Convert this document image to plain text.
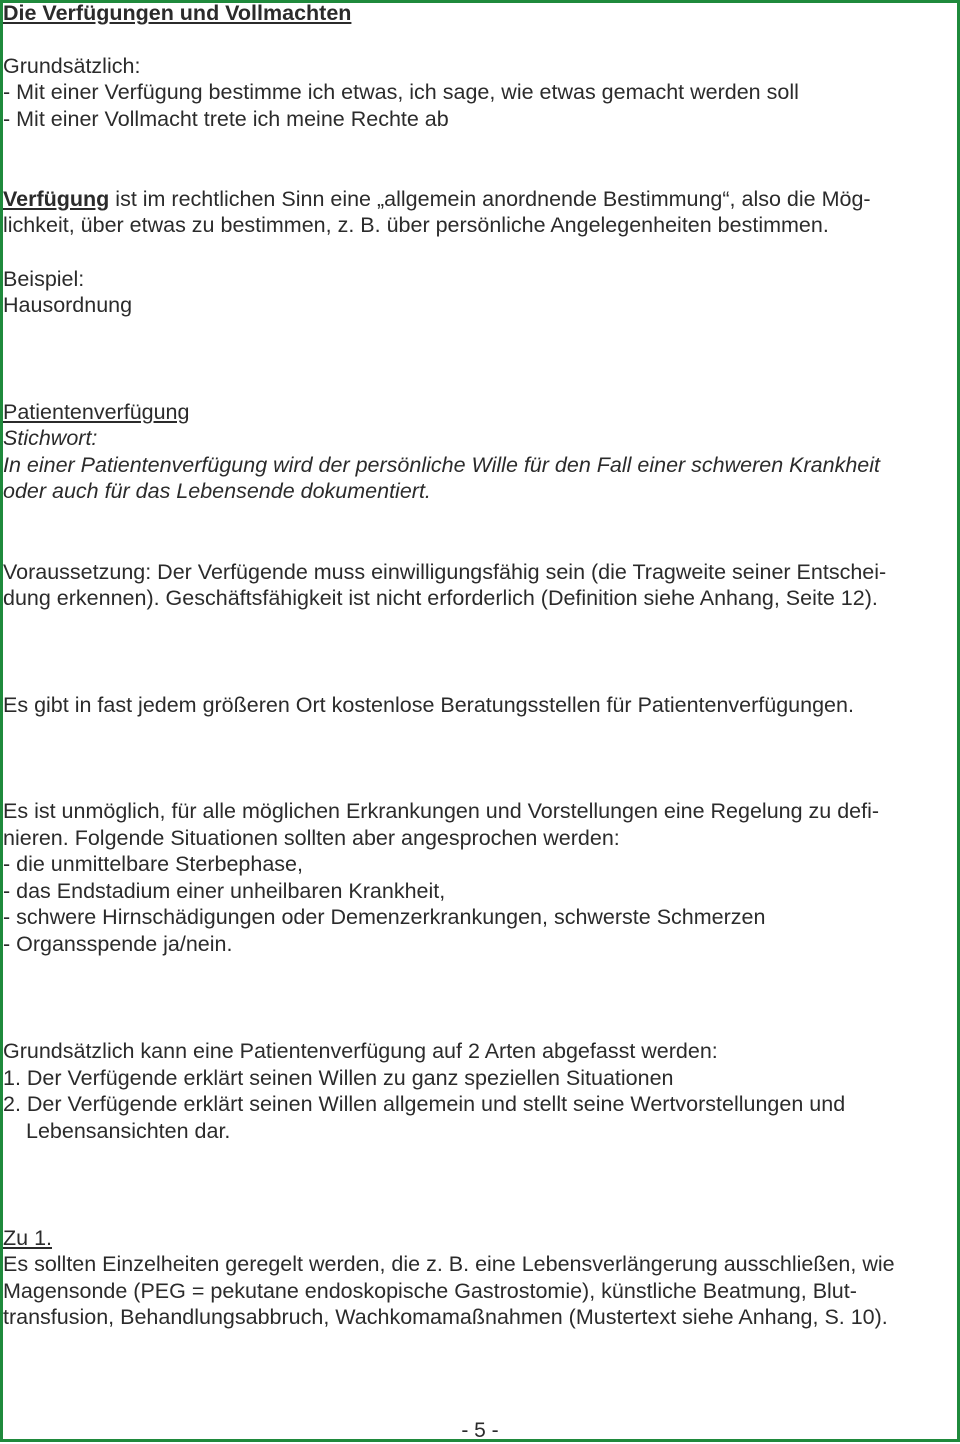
Die Verfügungen und Vollmachten
Grundsätzlich:
- Mit einer Verfügung bestimme ich etwas, ich sage, wie etwas gemacht werden soll
- Mit einer Vollmacht trete ich meine Rechte ab
Verfügung ist im rechtlichen Sinn eine „allgemein anordnende Bestimmung“, also die Mög-
lichkeit, über etwas zu bestimmen, z. B. über persönliche Angelegenheiten bestimmen.
Beispiel:
Hausordnung
Patientenverfügung
Stichwort:
In einer Patientenverfügung wird der persönliche Wille für den Fall einer schweren Krankheit
oder auch für das Lebensende dokumentiert.
Voraussetzung: Der Verfügende muss einwilligungsfähig sein (die Tragweite seiner Entschei-
dung erkennen). Geschäftsfähigkeit ist nicht erforderlich (Definition siehe Anhang, Seite 12).
Es gibt in fast jedem größeren Ort kostenlose Beratungsstellen für Patientenverfügungen.
Es ist unmöglich, für alle möglichen Erkrankungen und Vorstellungen eine Regelung zu defi-
nieren. Folgende Situationen sollten aber angesprochen werden:
- die unmittelbare Sterbephase,
- das Endstadium einer unheilbaren Krankheit,
- schwere Hirnschädigungen oder Demenzerkrankungen, schwerste Schmerzen
- Organsspende ja/nein.
Grundsätzlich kann eine Patientenverfügung auf 2 Arten abgefasst werden:
1. Der Verfügende erklärt seinen Willen zu ganz speziellen Situationen
2. Der Verfügende erklärt seinen Willen allgemein und stellt seine Wertvorstellungen und
Lebensansichten dar.
Zu 1.
Es sollten Einzelheiten geregelt werden, die z. B. eine Lebensverlängerung ausschließen, wie
Magensonde (PEG = pekutane endoskopische Gastrostomie), künstliche Beatmung, Blut-
transfusion, Behandlungsabbruch, Wachkomamaßnahmen (Mustertext siehe Anhang, S. 10).
- 5 -
